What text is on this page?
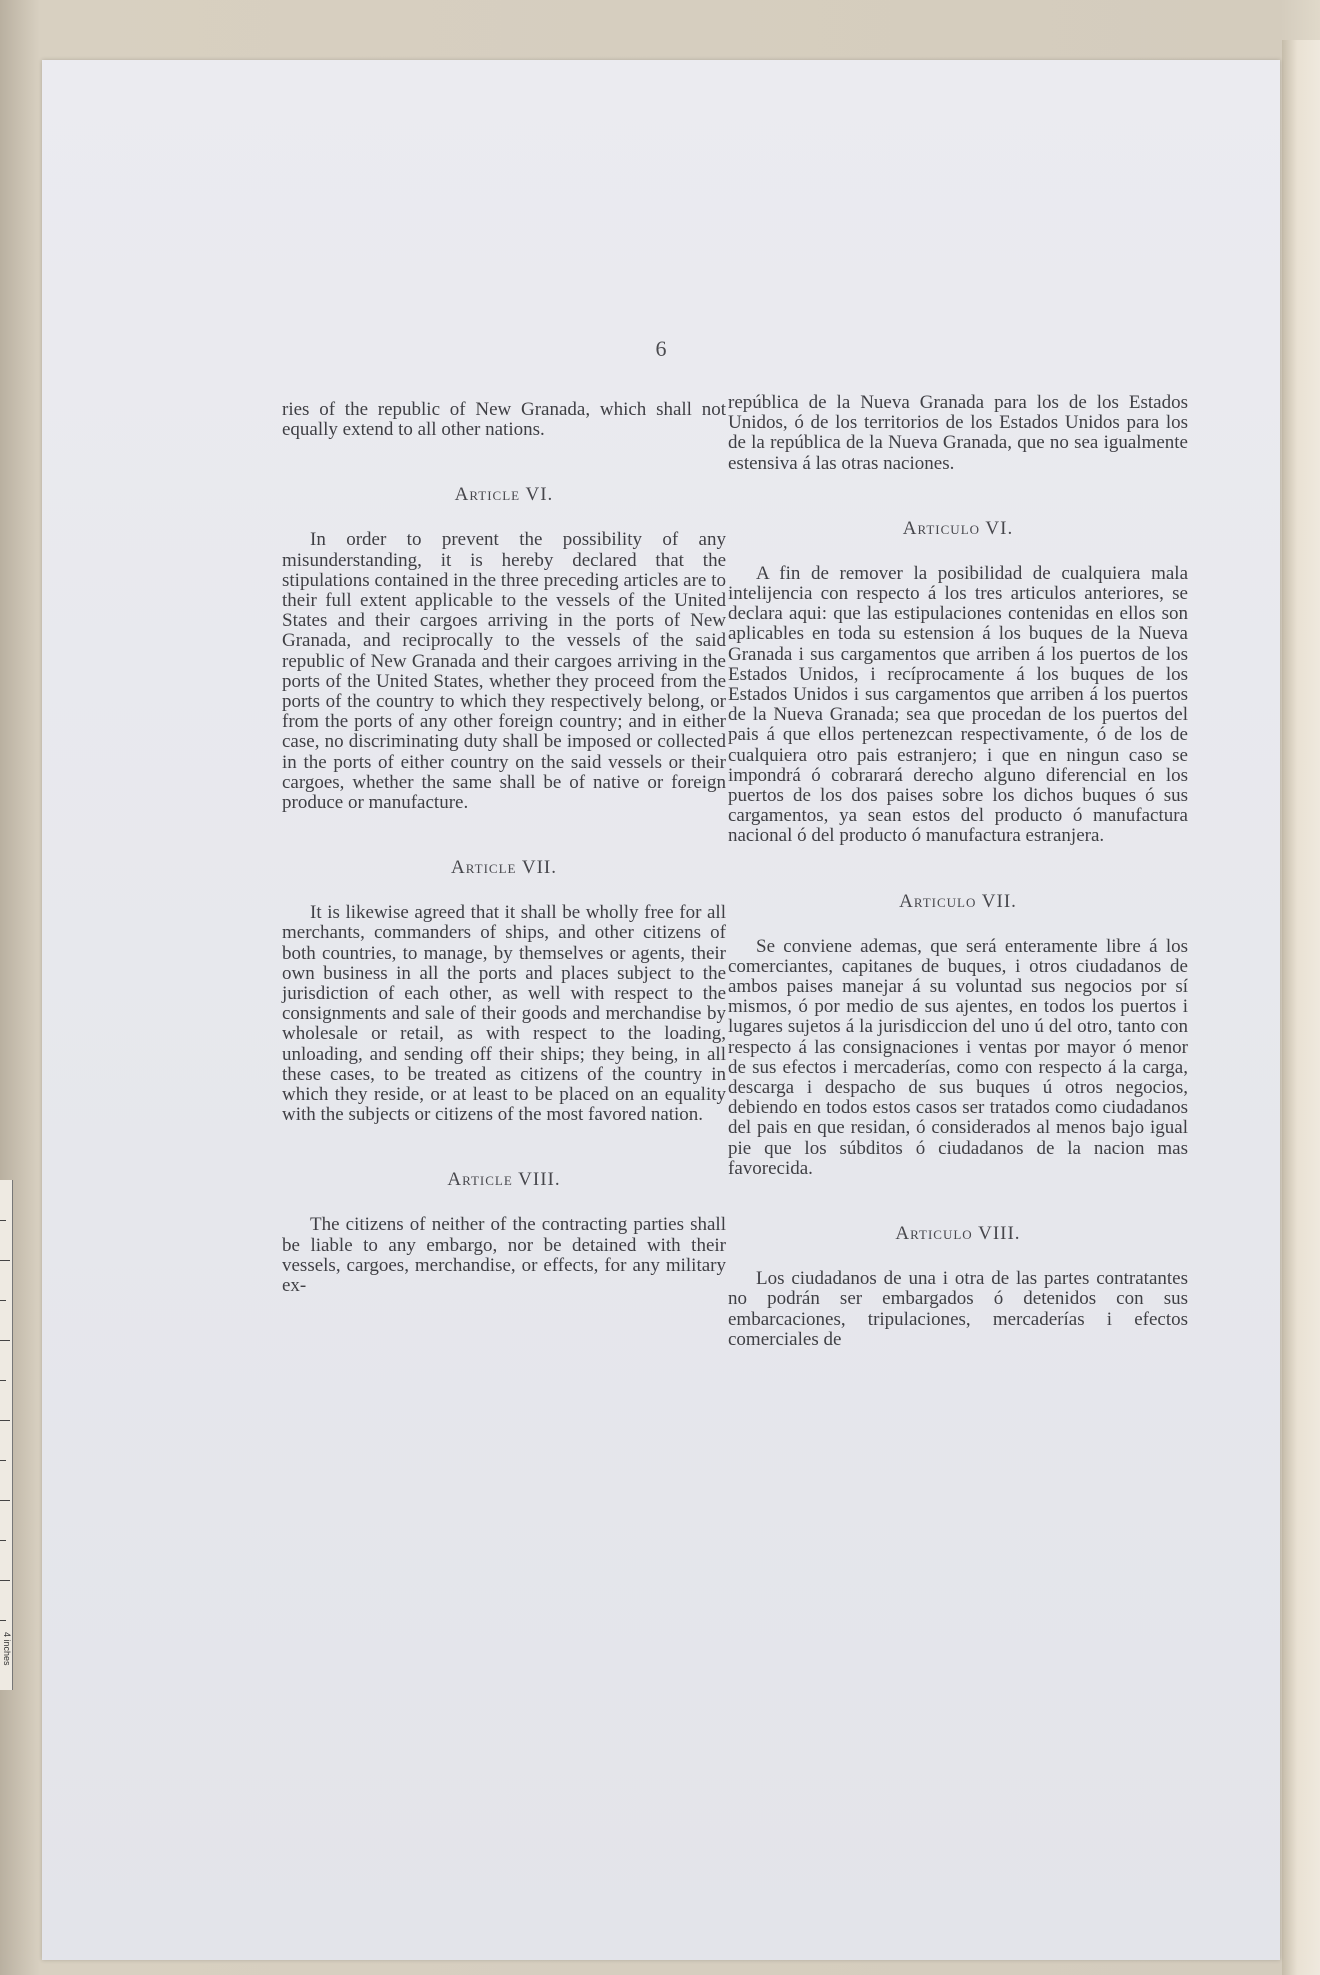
4 inches
6

ries of the republic of New Granada, which shall not equally extend to all other nations.

Article VI.

In order to prevent the possibility of any misunderstanding, it is hereby declared that the stipulations contained in the three preceding articles are to their full extent applicable to the vessels of the United States and their cargoes arriving in the ports of New Granada, and reciprocally to the vessels of the said republic of New Granada and their cargoes arriving in the ports of the United States, whether they proceed from the ports of the country to which they respectively belong, or from the ports of any other foreign country; and in either case, no discriminating duty shall be imposed or collected in the ports of either country on the said vessels or their cargoes, whether the same shall be of native or foreign produce or manufacture.

Article VII.

It is likewise agreed that it shall be wholly free for all merchants, commanders of ships, and other citizens of both countries, to manage, by themselves or agents, their own business in all the ports and places subject to the jurisdiction of each other, as well with respect to the consignments and sale of their goods and merchandise by wholesale or retail, as with respect to the loading, unloading, and sending off their ships; they being, in all these cases, to be treated as citizens of the country in which they reside, or at least to be placed on an equality with the subjects or citizens of the most favored nation.

Article VIII.

The citizens of neither of the contracting parties shall be liable to any embargo, nor be detained with their vessels, cargoes, merchandise, or effects, for any military ex-

república de la Nueva Granada para los de los Estados Unidos, ó de los territorios de los Estados Unidos para los de la república de la Nueva Granada, que no sea igualmente estensiva á las otras naciones.

Articulo VI.

A fin de remover la posibilidad de cualquiera mala intelijencia con respecto á los tres articulos anteriores, se declara aqui: que las estipulaciones contenidas en ellos son aplicables en toda su estension á los buques de la Nueva Granada i sus cargamentos que arriben á los puertos de los Estados Unidos, i recíprocamente á los buques de los Estados Unidos i sus cargamentos que arriben á los puertos de la Nueva Granada; sea que procedan de los puertos del pais á que ellos pertenezcan respectivamente, ó de los de cualquiera otro pais estranjero; i que en ningun caso se impondrá ó cobrarará derecho alguno diferencial en los puertos de los dos paises sobre los dichos buques ó sus cargamentos, ya sean estos del producto ó manufactura nacional ó del producto ó manufactura estranjera.

Articulo VII.

Se conviene ademas, que será enteramente libre á los comerciantes, capitanes de buques, i otros ciudadanos de ambos paises manejar á su voluntad sus negocios por sí mismos, ó por medio de sus ajentes, en todos los puertos i lugares sujetos á la jurisdiccion del uno ú del otro, tanto con respecto á las consignaciones i ventas por mayor ó menor de sus efectos i mercaderías, como con respecto á la carga, descarga i despacho de sus buques ú otros negocios, debiendo en todos estos casos ser tratados como ciudadanos del pais en que residan, ó considerados al menos bajo igual pie que los súbditos ó ciudadanos de la nacion mas favorecida.

Articulo VIII.

Los ciudadanos de una i otra de las partes contratantes no podrán ser embargados ó detenidos con sus embarcaciones, tripulaciones, mercaderías i efectos comerciales de
